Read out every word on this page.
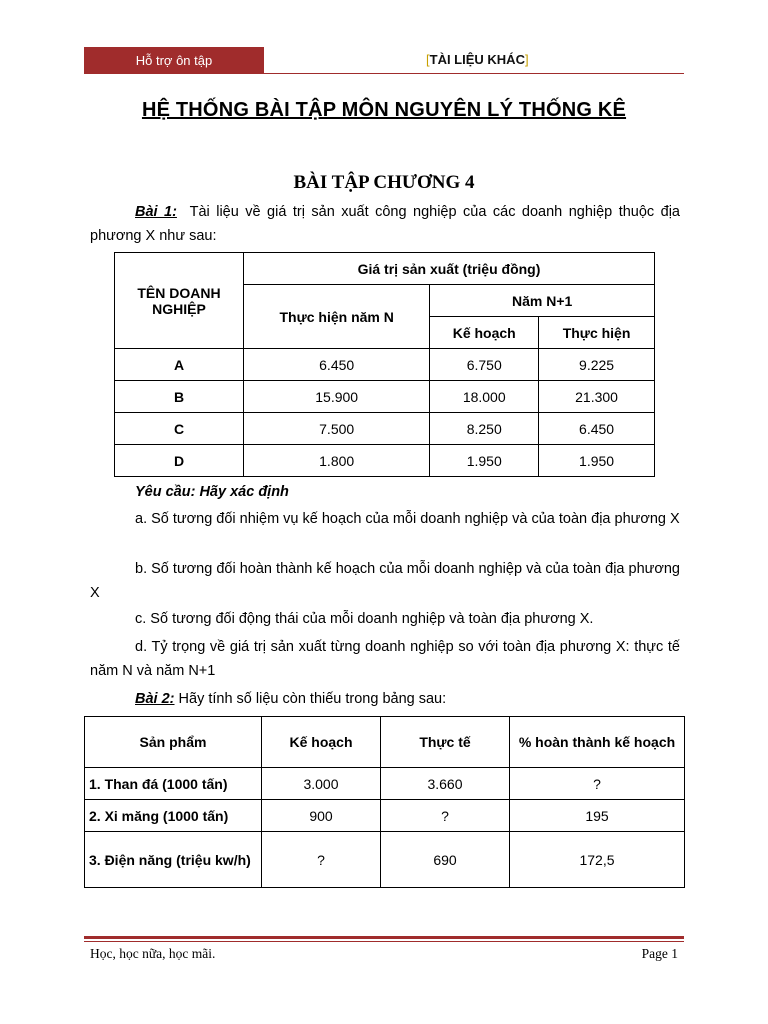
Hỗ trợ ôn tập	[TÀI LIỆU KHÁC]
HỆ THỐNG BÀI TẬP MÔN NGUYÊN LÝ THỐNG KÊ
BÀI TẬP CHƯƠNG 4
Bài 1: Tài liệu về giá trị sản xuất công nghiệp của các doanh nghiệp thuộc địa phương X như sau:
TÊN DOANH NGHIỆP	Giá trị sản xuất (triệu đồng)		
	Thực hiện năm N	Năm N+1	
		Kế hoạch	Thực hiện
A	6.450	6.750	9.225
B	15.900	18.000	21.300
C	7.500	8.250	6.450
D	1.800	1.950	1.950
Yêu cầu: Hãy xác định
a. Số tương đối nhiệm vụ kế hoạch của mỗi doanh nghiệp và của toàn địa phương X
b. Số tương đối hoàn thành kế hoạch của mỗi doanh nghiệp và của toàn địa phương X
c. Số tương đối động thái của mỗi doanh nghiệp và toàn địa phương X.
d. Tỷ trọng về giá trị sản xuất từng doanh nghiệp so với toàn địa phương X: thực tế năm N và năm N+1
Bài 2: Hãy tính số liệu còn thiếu trong bảng sau:
Sản phẩm	Kế hoạch	Thực tế	% hoàn thành kế hoạch
1. Than đá (1000 tấn)	3.000	3.660	?
2. Xi măng (1000 tấn)	900	?	195
3. Điện năng (triệu kw/h)	?	690	172,5
Học, học nữa, học mãi.	Page 1
